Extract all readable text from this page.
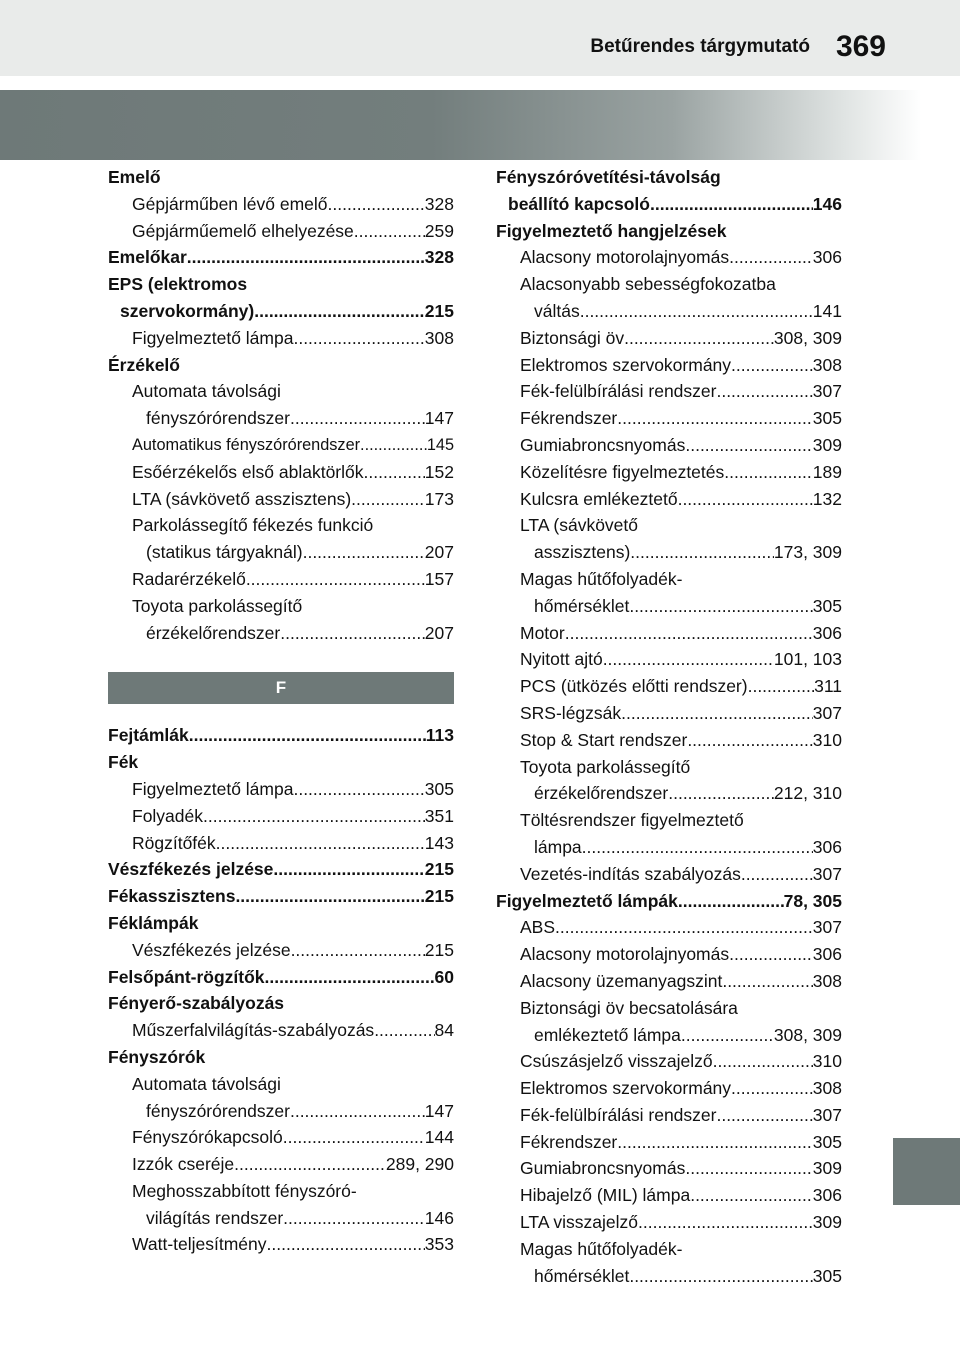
Betűrendes tárgymutató 369
Emelő
Gépjárműben lévő emelő .....	328
Gépjárműemelő elhelyezése .....	259
Emelőkar .....	328
EPS (elektromos
szervokormány) .....	215
Figyelmeztető lámpa .....	308
Érzékelő
Automata távolsági
fényszórórendszer .....	147
Automatikus fényszórórendszer .....	145
Esőérzékelős első ablaktörlők .....	152
LTA (sávkövető asszisztens) .....	173
Parkolássegítő fékezés funkció
(statikus tárgyaknál) .....	207
Radarérzékelő .....	157
Toyota parkolássegítő
érzékelőrendszer .....	207
F
Fejtámlák .....	113
Fék
Figyelmeztető lámpa .....	305
Folyadék .....	351
Rögzítőfék .....	143
Vészfékezés jelzése .....	215
Fékasszisztens .....	215
Féklámpák
Vészfékezés jelzése .....	215
Felsőpánt-rögzítők .....	60
Fényerő-szabályozás
Műszerfalvilágítás-szabályozás .....	84
Fényszórók
Automata távolsági
fényszórórendszer .....	147
Fényszórókapcsoló .....	144
Izzók cseréje .....	289, 290
Meghosszabbított fényszóró-
világítás rendszer .....	146
Watt-teljesítmény .....	353
Fényszóróvetítési-távolság
beállító kapcsoló .....	146
Figyelmeztető hangjelzések
Alacsony motorolajnyomás .....	306
Alacsonyabb sebességfokozatba
váltás .....	141
Biztonsági öv .....	308, 309
Elektromos szervokormány .....	308
Fék-felülbírálási rendszer .....	307
Fékrendszer .....	305
Gumiabroncsnyomás .....	309
Közelítésre figyelmeztetés .....	189
Kulcsra emlékeztető .....	132
LTA (sávkövető
asszisztens) .....	173, 309
Magas hűtőfolyadék-
hőmérséklet .....	305
Motor .....	306
Nyitott ajtó .....	101, 103
PCS (ütközés előtti rendszer) .....	311
SRS-légzsák .....	307
Stop & Start rendszer .....	310
Toyota parkolássegítő
érzékelőrendszer .....	212, 310
Töltésrendszer figyelmeztető
lámpa .....	306
Vezetés-indítás szabályozás .....	307
Figyelmeztető lámpák .....	78, 305
ABS .....	307
Alacsony motorolajnyomás .....	306
Alacsony üzemanyagszint .....	308
Biztonsági öv becsatolására
emlékeztető lámpa .....	308, 309
Csúszásjelző visszajelző .....	310
Elektromos szervokormány .....	308
Fék-felülbírálási rendszer .....	307
Fékrendszer .....	305
Gumiabroncsnyomás .....	309
Hibajelző (MIL) lámpa .....	306
LTA visszajelző .....	309
Magas hűtőfolyadék-
hőmérséklet .....	305
